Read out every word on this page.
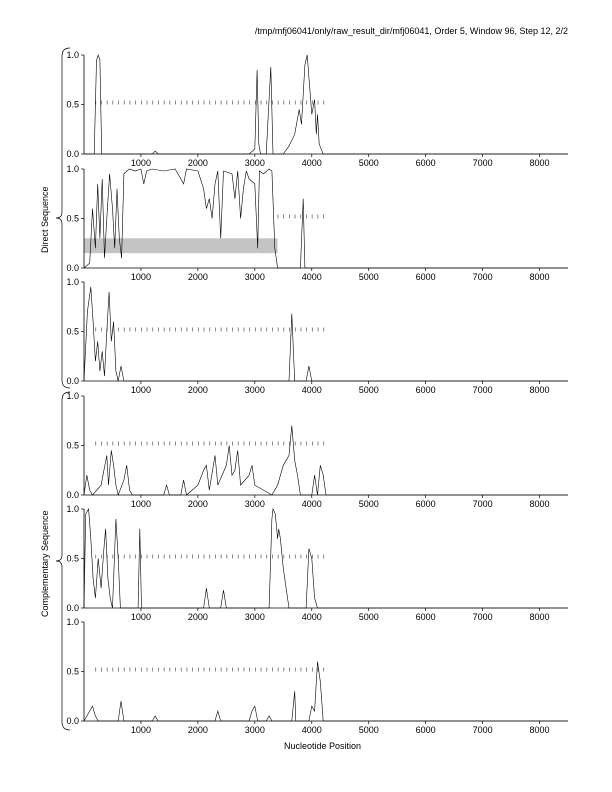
/tmp/mfj06041/only/raw_result_dir/mfj06041, Order 5, Window 96, Step 12, 2/2
0.0
0.5
1.0
1000	2000	3000	4000	5000	6000	7000	8000
0.0
0.5
1.0
1000	2000	3000	4000	5000	6000	7000	8000
0.0
0.5
1.0
1000	2000	3000	4000	5000	6000	7000	8000
0.0
0.5
1.0
1000	2000	3000	4000	5000	6000	7000	8000
0.0
0.5
1.0
1000	2000	3000	4000	5000	6000	7000	8000
0.0
0.5
1.0
1000	2000	3000	4000	5000	6000	7000	8000
Direct Sequence
Complementary Sequence
Nucleotide Position
